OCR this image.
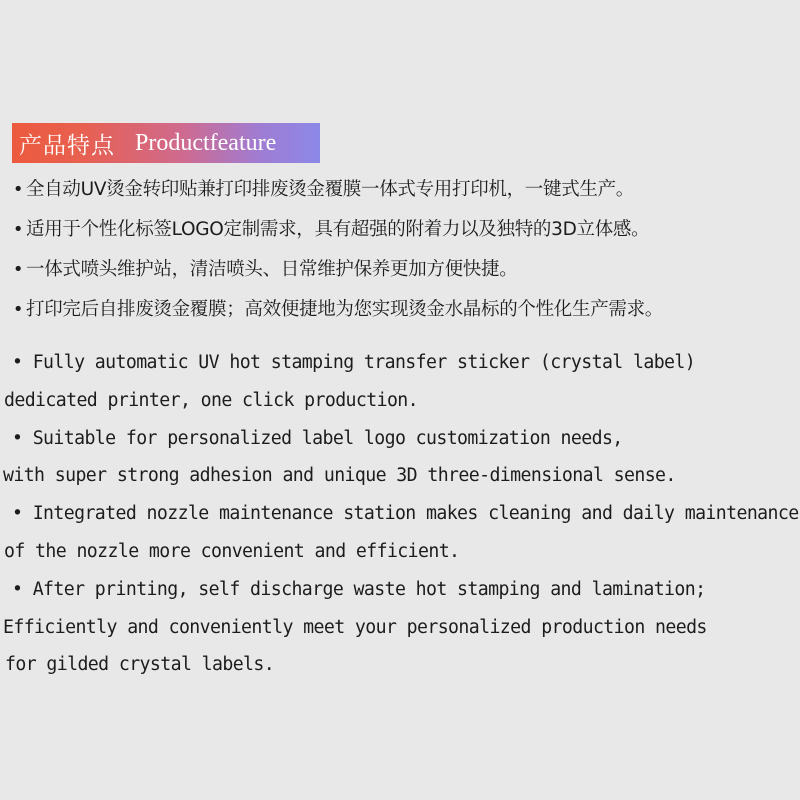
产品特点 Productfeature
• 全自动UV烫金转印贴兼打印排废烫金覆膜一体式专用打印机，一键式生产。
• 适用于个性化标签LOGO定制需求，具有超强的附着力以及独特的3D立体感。
• 一体式喷头维护站，清洁喷头、日常维护保养更加方便快捷。
• 打印完后自排废烫金覆膜；高效便捷地为您实现烫金水晶标的个性化生产需求。
• Fully automatic UV hot stamping transfer sticker (crystal label)
dedicated printer, one click production.
• Suitable for personalized label logo customization needs,
with super strong adhesion and unique 3D three-dimensional sense.
• Integrated nozzle maintenance station makes cleaning and daily maintenance
of the nozzle more convenient and efficient.
• After printing, self discharge waste hot stamping and lamination;
Efficiently and conveniently meet your personalized production needs
for gilded crystal labels.
